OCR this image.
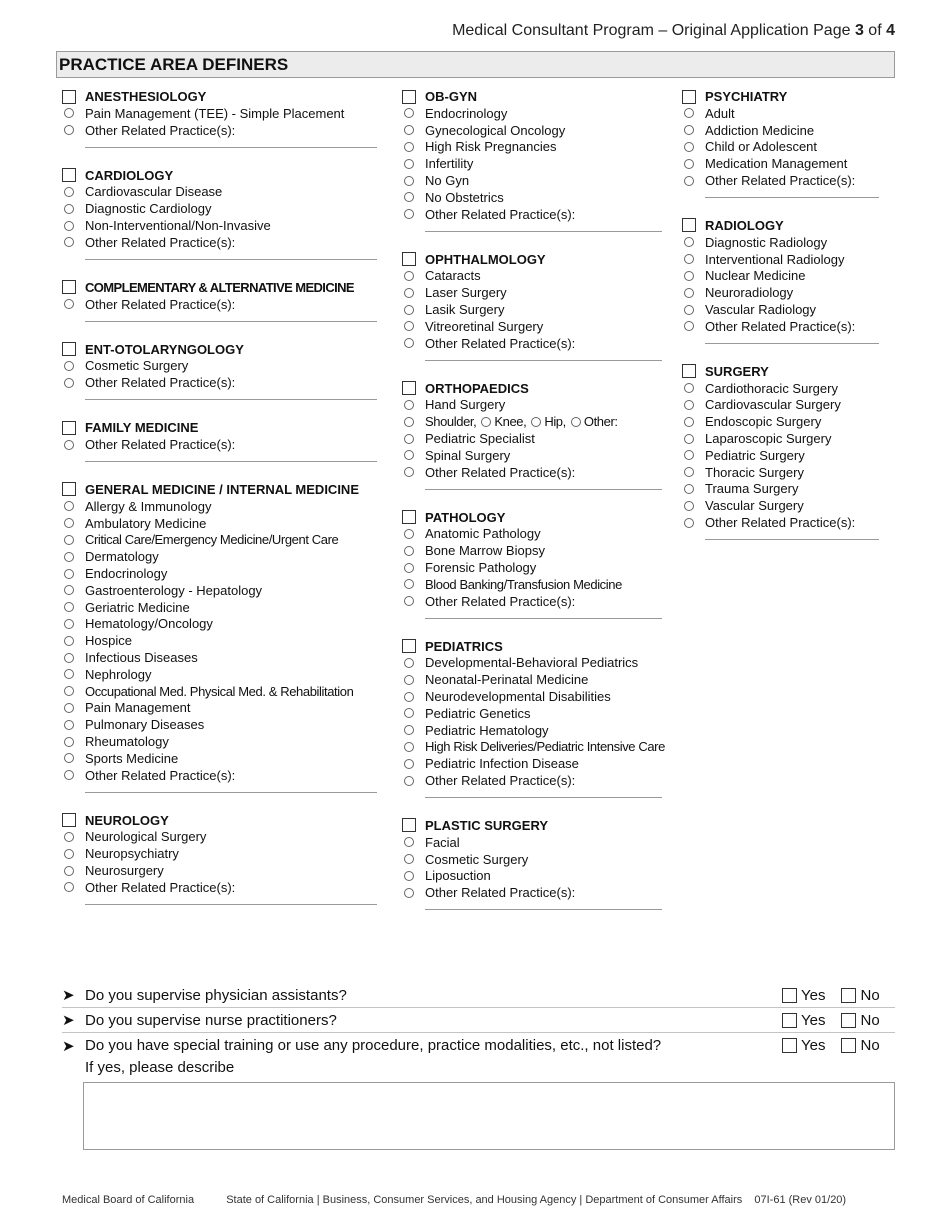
Medical Consultant Program – Original Application Page 3 of 4
PRACTICE AREA DEFINERS
ANESTHESIOLOGY
Pain Management (TEE) - Simple Placement
Other Related Practice(s):
CARDIOLOGY
Cardiovascular Disease
Diagnostic Cardiology
Non-Interventional/Non-Invasive
Other Related Practice(s):
COMPLEMENTARY & ALTERNATIVE MEDICINE
Other Related Practice(s):
ENT-OTOLARYNGOLOGY
Cosmetic Surgery
Other Related Practice(s):
FAMILY MEDICINE
Other Related Practice(s):
GENERAL MEDICINE / INTERNAL MEDICINE
Allergy & Immunology
Ambulatory Medicine
Critical Care/Emergency Medicine/Urgent Care
Dermatology
Endocrinology
Gastroenterology - Hepatology
Geriatric Medicine
Hematology/Oncology
Hospice
Infectious Diseases
Nephrology
Occupational Med. Physical Med. & Rehabilitation
Pain Management
Pulmonary Diseases
Rheumatology
Sports Medicine
Other Related Practice(s):
NEUROLOGY
Neurological Surgery
Neuropsychiatry
Neurosurgery
Other Related Practice(s):
OB-GYN
Endocrinology
Gynecological Oncology
High Risk Pregnancies
Infertility
No Gyn
No Obstetrics
Other Related Practice(s):
OPHTHALMOLOGY
Cataracts
Laser Surgery
Lasik Surgery
Vitreoretinal Surgery
Other Related Practice(s):
ORTHOPAEDICS
Hand Surgery
Shoulder, Knee, Hip, Other:
Pediatric Specialist
Spinal Surgery
Other Related Practice(s):
PATHOLOGY
Anatomic Pathology
Bone Marrow Biopsy
Forensic Pathology
Blood Banking/Transfusion Medicine
Other Related Practice(s):
PEDIATRICS
Developmental-Behavioral Pediatrics
Neonatal-Perinatal Medicine
Neurodevelopmental Disabilities
Pediatric Genetics
Pediatric Hematology
High Risk Deliveries/Pediatric Intensive Care
Pediatric Infection Disease
Other Related Practice(s):
PLASTIC SURGERY
Facial
Cosmetic Surgery
Liposuction
Other Related Practice(s):
PSYCHIATRY
Adult
Addiction Medicine
Child or Adolescent
Medication Management
Other Related Practice(s):
RADIOLOGY
Diagnostic Radiology
Interventional Radiology
Nuclear Medicine
Neuroradiology
Vascular Radiology
Other Related Practice(s):
SURGERY
Cardiothoracic Surgery
Cardiovascular Surgery
Endoscopic Surgery
Laparoscopic Surgery
Pediatric Surgery
Thoracic Surgery
Trauma Surgery
Vascular Surgery
Other Related Practice(s):
➤ Do you supervise physician assistants?	Yes No
➤ Do you supervise nurse practitioners?	Yes No
➤ Do you have special training or use any procedure, practice modalities, etc., not listed?	Yes No
If yes, please describe
Medical Board of California	State of California | Business, Consumer Services, and Housing Agency | Department of Consumer Affairs 07I-61 (Rev 01/20)
